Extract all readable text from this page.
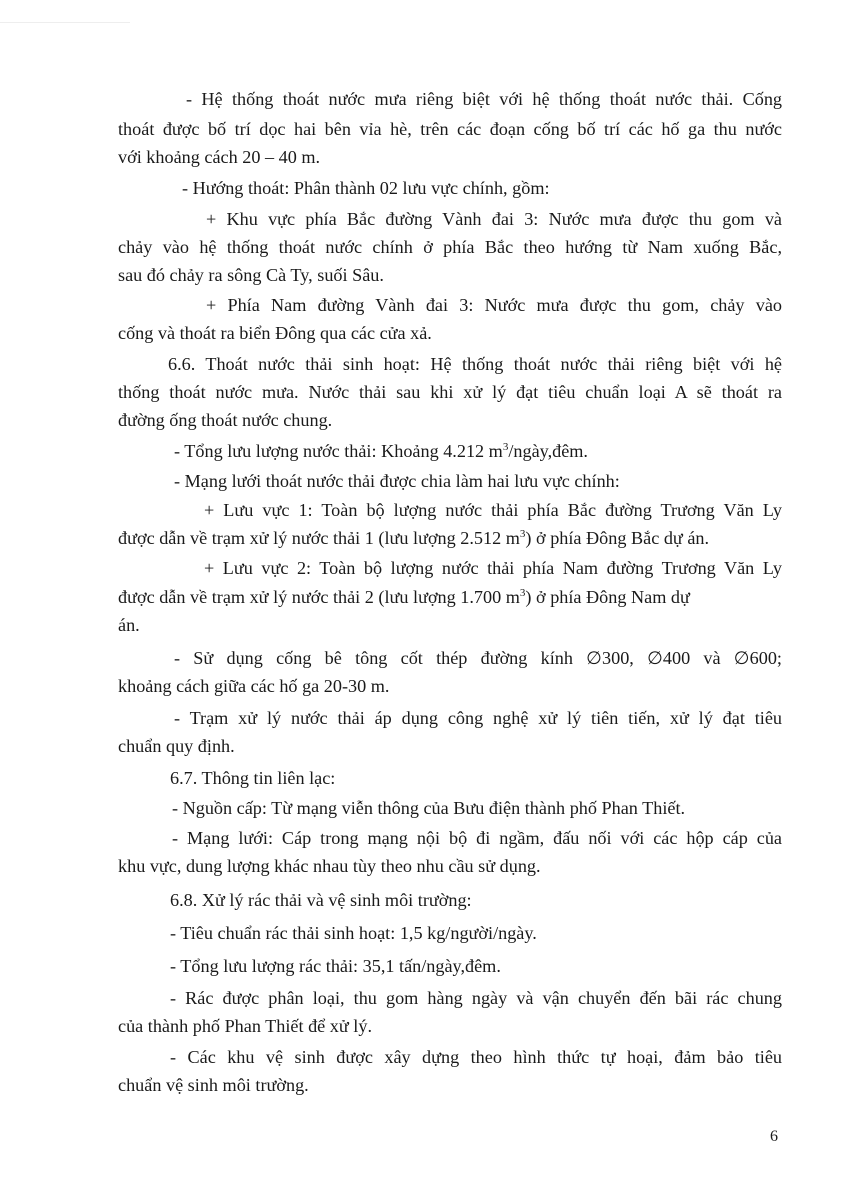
- Hệ thống thoát nước mưa riêng biệt với hệ thống thoát nước thải. Cống
thoát được bố trí dọc hai bên vỉa hè, trên các đoạn cống bố trí các hố ga thu nước
với khoảng cách 20 – 40 m.
- Hướng thoát: Phân thành 02 lưu vực chính, gồm:
+ Khu vực phía Bắc đường Vành đai 3: Nước mưa được thu gom và
chảy vào hệ thống thoát nước chính ở phía Bắc theo hướng từ Nam xuống Bắc,
sau đó chảy ra sông Cà Ty, suối Sâu.
+ Phía Nam đường Vành đai 3: Nước mưa được thu gom, chảy vào
cống và thoát ra biển Đông qua các cửa xả.
6.6. Thoát nước thải sinh hoạt: Hệ thống thoát nước thải riêng biệt với hệ
thống thoát nước mưa. Nước thải sau khi xử lý đạt tiêu chuẩn loại A sẽ thoát ra
đường ống thoát nước chung.
- Tổng lưu lượng nước thải: Khoảng 4.212 $m^3/ngày,đêm$.
- Mạng lưới thoát nước thải được chia làm hai lưu vực chính:
+ Lưu vực 1: Toàn bộ lượng nước thải phía Bắc đường Trương Văn Ly
được dẫn về trạm xử lý nước thải 1 (lưu lượng 2.512 $m^3$) ở phía Đông Bắc dự án.
+ Lưu vực 2: Toàn bộ lượng nước thải phía Nam đường Trương Văn Ly
được dẫn về trạm xử lý nước thải 2 (lưu lượng 1.700 $m^3$) ở phía Đông Nam dự
án.
- Sử dụng cống bê tông cốt thép đường kính ∅300, ∅400 và ∅600;
khoảng cách giữa các hố ga 20-30 m.
- Trạm xử lý nước thải áp dụng công nghệ xử lý tiên tiến, xử lý đạt tiêu
chuẩn quy định.
6.7. Thông tin liên lạc:
- Nguồn cấp: Từ mạng viễn thông của Bưu điện thành phố Phan Thiết.
- Mạng lưới: Cáp trong mạng nội bộ đi ngầm, đấu nối với các hộp cáp của
khu vực, dung lượng khác nhau tùy theo nhu cầu sử dụng.
6.8. Xử lý rác thải và vệ sinh môi trường:
- Tiêu chuẩn rác thải sinh hoạt: 1,5 kg/người/ngày.
- Tổng lưu lượng rác thải: 35,1 tấn/ngày,đêm.
- Rác được phân loại, thu gom hàng ngày và vận chuyển đến bãi rác chung
của thành phố Phan Thiết để xử lý.
- Các khu vệ sinh được xây dựng theo hình thức tự hoại, đảm bảo tiêu
chuẩn vệ sinh môi trường.
6
